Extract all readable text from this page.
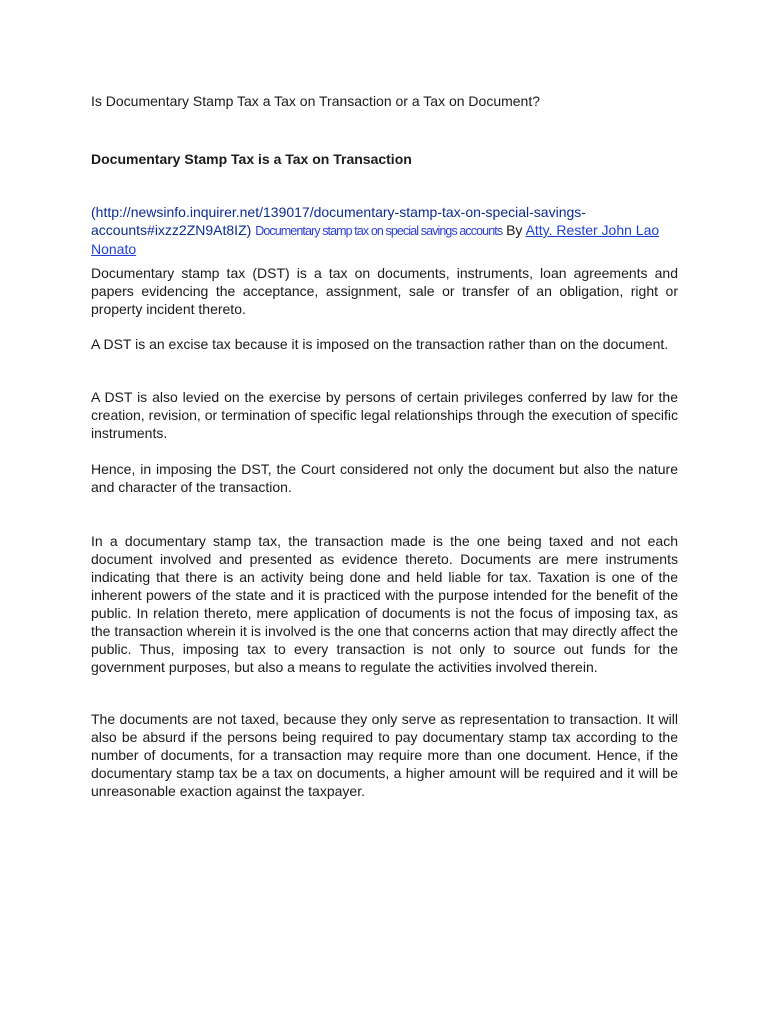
Is Documentary Stamp Tax a Tax on Transaction or a Tax on Document?
Documentary Stamp Tax is a Tax on Transaction
(http://newsinfo.inquirer.net/139017/documentary-stamp-tax-on-special-savings-accounts#ixzz2ZN9At8IZ) Documentary stamp tax on special savings accounts By Atty. Rester John Lao Nonato

Documentary stamp tax (DST) is a tax on documents, instruments, loan agreements and papers evidencing the acceptance, assignment, sale or transfer of an obligation, right or property incident thereto.

A DST is an excise tax because it is imposed on the transaction rather than on the document.

A DST is also levied on the exercise by persons of certain privileges conferred by law for the creation, revision, or termination of specific legal relationships through the execution of specific instruments.

Hence, in imposing the DST, the Court considered not only the document but also the nature and character of the transaction.

In a documentary stamp tax, the transaction made is the one being taxed and not each document involved and presented as evidence thereto. Documents are mere instruments indicating that there is an activity being done and held liable for tax. Taxation is one of the inherent powers of the state and it is practiced with the purpose intended for the benefit of the public. In relation thereto, mere application of documents is not the focus of imposing tax, as the transaction wherein it is involved is the one that concerns action that may directly affect the public. Thus, imposing tax to every transaction is not only to source out funds for the government purposes, but also a means to regulate the activities involved therein.

The documents are not taxed, because they only serve as representation to transaction. It will also be absurd if the persons being required to pay documentary stamp tax according to the number of documents, for a transaction may require more than one document. Hence, if the documentary stamp tax be a tax on documents, a higher amount will be required and it will be unreasonable exaction against the taxpayer.
